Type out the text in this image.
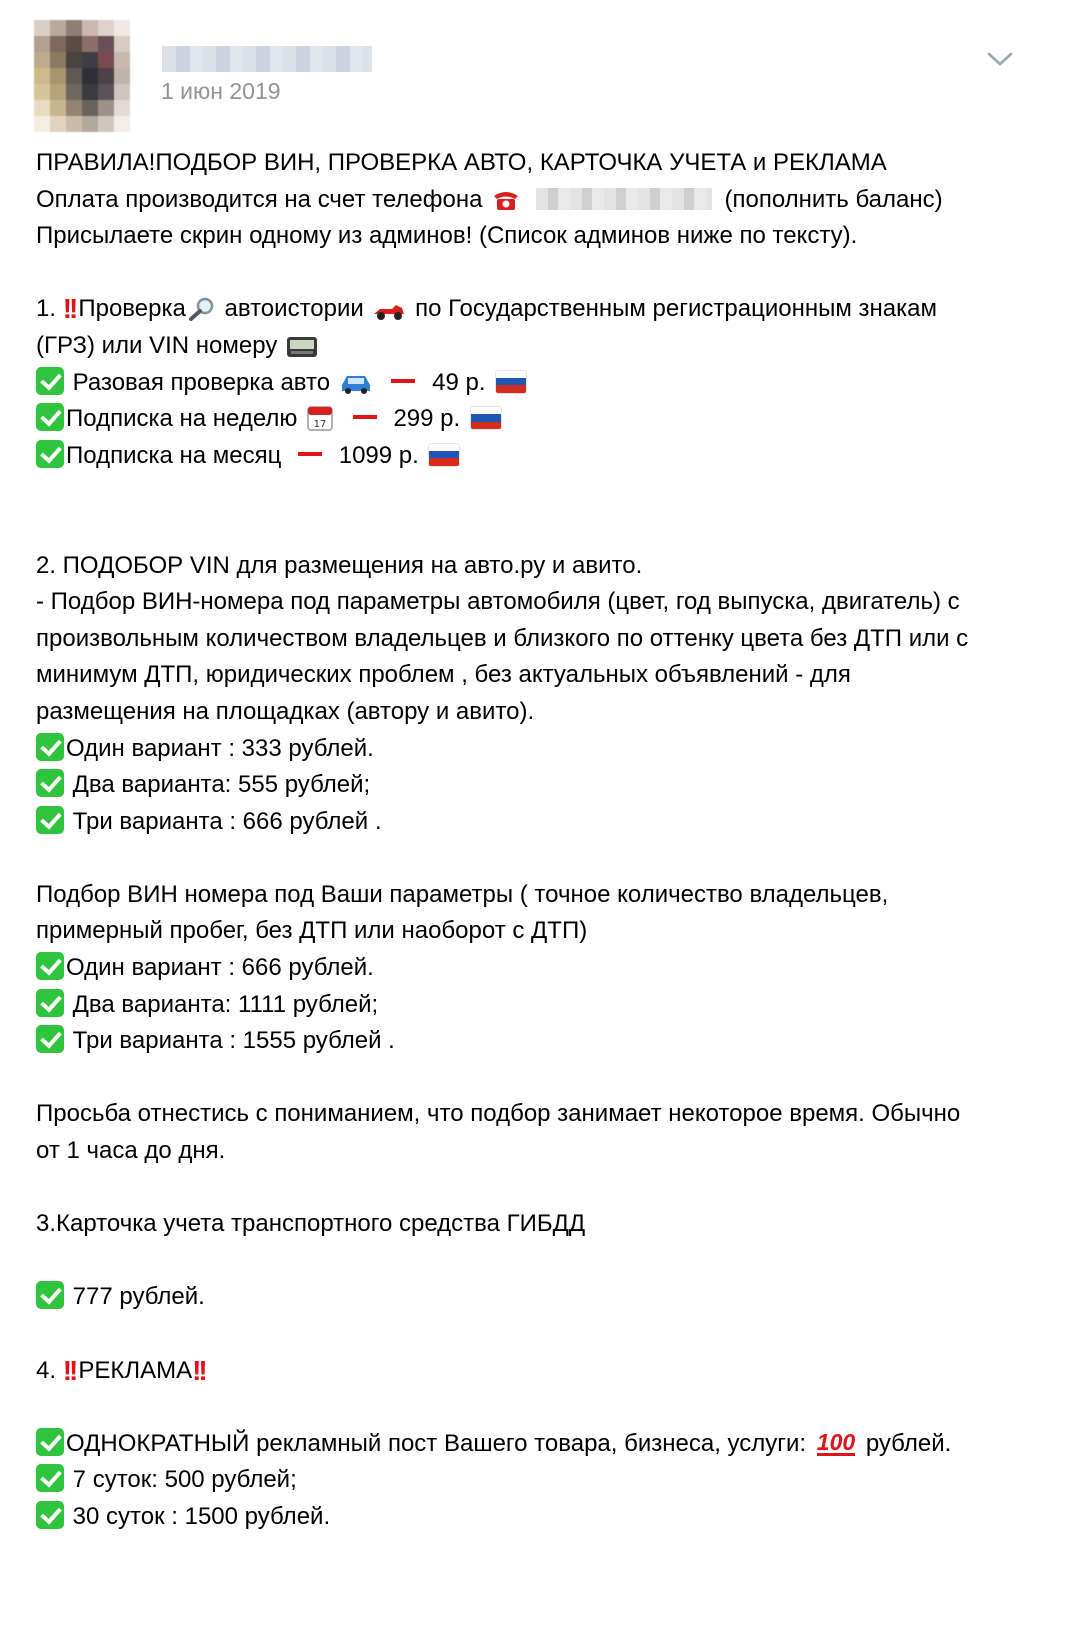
1 июн 2019
ПРАВИЛА!ПОДБОР ВИН, ПРОВЕРКА АВТО, КАРТОЧКА УЧЕТА и РЕКЛАМА
Оплата производится на счет телефона	(пополнить баланс)
Присылаете скрин одному из админов! (Список админов ниже по тексту).
1. !! Проверка автоистории по Государственным регистрационным знакам
(ГРЗ) или VIN номеру
Разовая проверка авто	49 р.
Подписка на неделю 17	299 р.
Подписка на месяц 1099 р.
2. ПОДОБОР VIN для размещения на авто.ру и авито.
- Подбор ВИН-номера под параметры автомобиля (цвет, год выпуска, двигатель) с
произвольным количеством владельцев и близкого по оттенку цвета без ДТП или с
минимум ДТП, юридических проблем , без актуальных объявлений - для
размещения на площадках (автору и авито).
Один вариант : 333 рублей.
Два варианта: 555 рублей;
Три варианта : 666 рублей .
Подбор ВИН номера под Ваши параметры ( точное количество владельцев,
примерный пробег, без ДТП или наоборот с ДТП)
Один вариант : 666 рублей.
Два варианта: 1111 рублей;
Три варианта : 1555 рублей .
Просьба отнестись с пониманием, что подбор занимает некоторое время. Обычно
от 1 часа до дня.
3.Карточка учета транспортного средства ГИБДД
777 рублей.
4. !! РЕКЛАМА!!
ОДНОКРАТНЫЙ рекламный пост Вашего товара, бизнеса, услуги: 100 рублей.
7 суток: 500 рублей;
30 суток : 1500 рублей.
